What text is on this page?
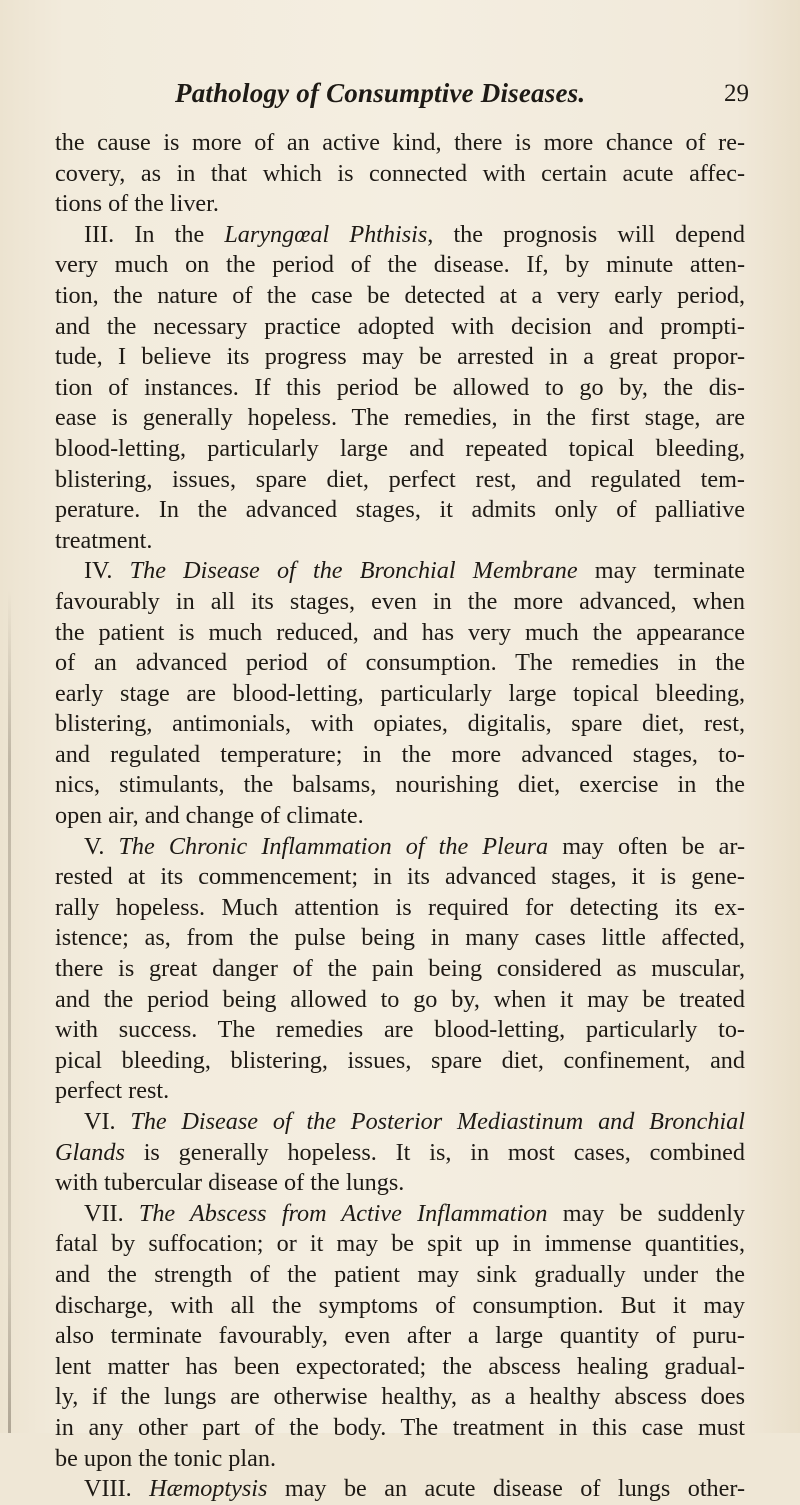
Pathology of Consumptive Diseases.	29
the cause is more of an active kind, there is more chance of re-
covery, as in that which is connected with certain acute affec-
tions of the liver.
III. In the Laryngœal Phthisis, the prognosis will depend
very much on the period of the disease. If, by minute atten-
tion, the nature of the case be detected at a very early period,
and the necessary practice adopted with decision and prompti-
tude, I believe its progress may be arrested in a great propor-
tion of instances. If this period be allowed to go by, the dis-
ease is generally hopeless. The remedies, in the first stage, are
blood-letting, particularly large and repeated topical bleeding,
blistering, issues, spare diet, perfect rest, and regulated tem-
perature. In the advanced stages, it admits only of palliative
treatment.
IV. The Disease of the Bronchial Membrane may terminate
favourably in all its stages, even in the more advanced, when
the patient is much reduced, and has very much the appearance
of an advanced period of consumption. The remedies in the
early stage are blood-letting, particularly large topical bleeding,
blistering, antimonials, with opiates, digitalis, spare diet, rest,
and regulated temperature; in the more advanced stages, to-
nics, stimulants, the balsams, nourishing diet, exercise in the
open air, and change of climate.
V. The Chronic Inflammation of the Pleura may often be ar-
rested at its commencement; in its advanced stages, it is gene-
rally hopeless. Much attention is required for detecting its ex-
istence; as, from the pulse being in many cases little affected,
there is great danger of the pain being considered as muscular,
and the period being allowed to go by, when it may be treated
with success. The remedies are blood-letting, particularly to-
pical bleeding, blistering, issues, spare diet, confinement, and
perfect rest.
VI. The Disease of the Posterior Mediastinum and Bronchial
Glands is generally hopeless. It is, in most cases, combined
with tubercular disease of the lungs.
VII. The Abscess from Active Inflammation may be suddenly
fatal by suffocation; or it may be spit up in immense quantities,
and the strength of the patient may sink gradually under the
discharge, with all the symptoms of consumption. But it may
also terminate favourably, even after a large quantity of puru-
lent matter has been expectorated; the abscess healing gradual-
ly, if the lungs are otherwise healthy, as a healthy abscess does
in any other part of the body. The treatment in this case must
be upon the tonic plan.
VIII. Hæmoptysis may be an acute disease of lungs other-
